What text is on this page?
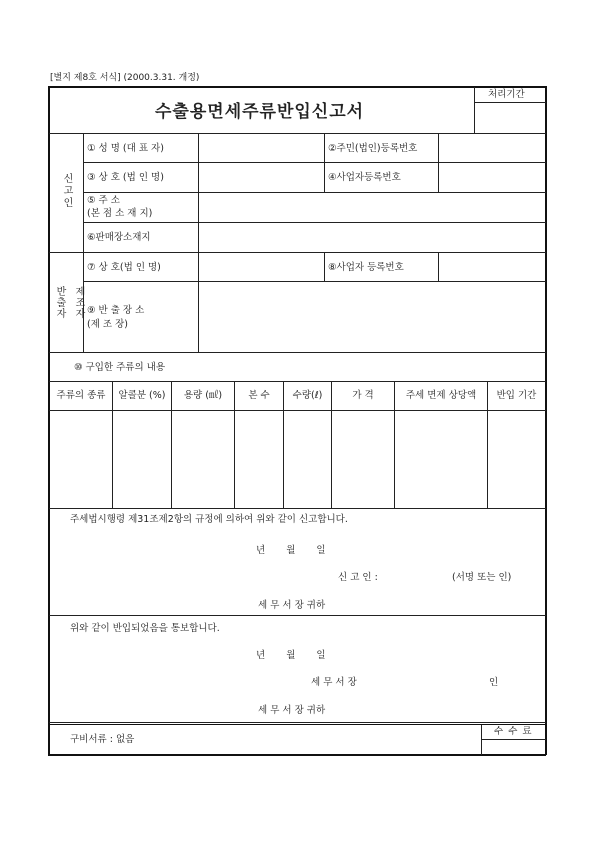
[별지 제8호 서식] (2000.3.31. 개정)
수출용면세주류반입신고서
처리기간
신고인
① 성 명 (대 표 자)	②주민(법인)등록번호
③ 상 호 (법 인 명)	④사업자등록번호
⑤ 주 소
(본 점 소 재 지)
⑥판매장소재지
반출자 제조자
⑦ 상 호(법 인 명)	⑧사업자 등록번호
⑨ 반 출 장 소
(제 조 장)
⑩ 구입한 주류의 내용
주류의 종류	알콜분 (%)	용량 (㎖)	본 수	수량(ℓ)	가 격	주세 면제 상당액	반입 기간
주세법시행령 제31조제2항의 규정에 의하여 위와 같이 신고합니다.
년 월 일
신 고 인 :	(서명 또는 인)
세 무 서 장 귀하
위와 같이 반입되었음을 통보합니다.
년 월 일
세 무 서 장	인
세 무 서 장 귀하
구비서류 : 없음
수 수 료
